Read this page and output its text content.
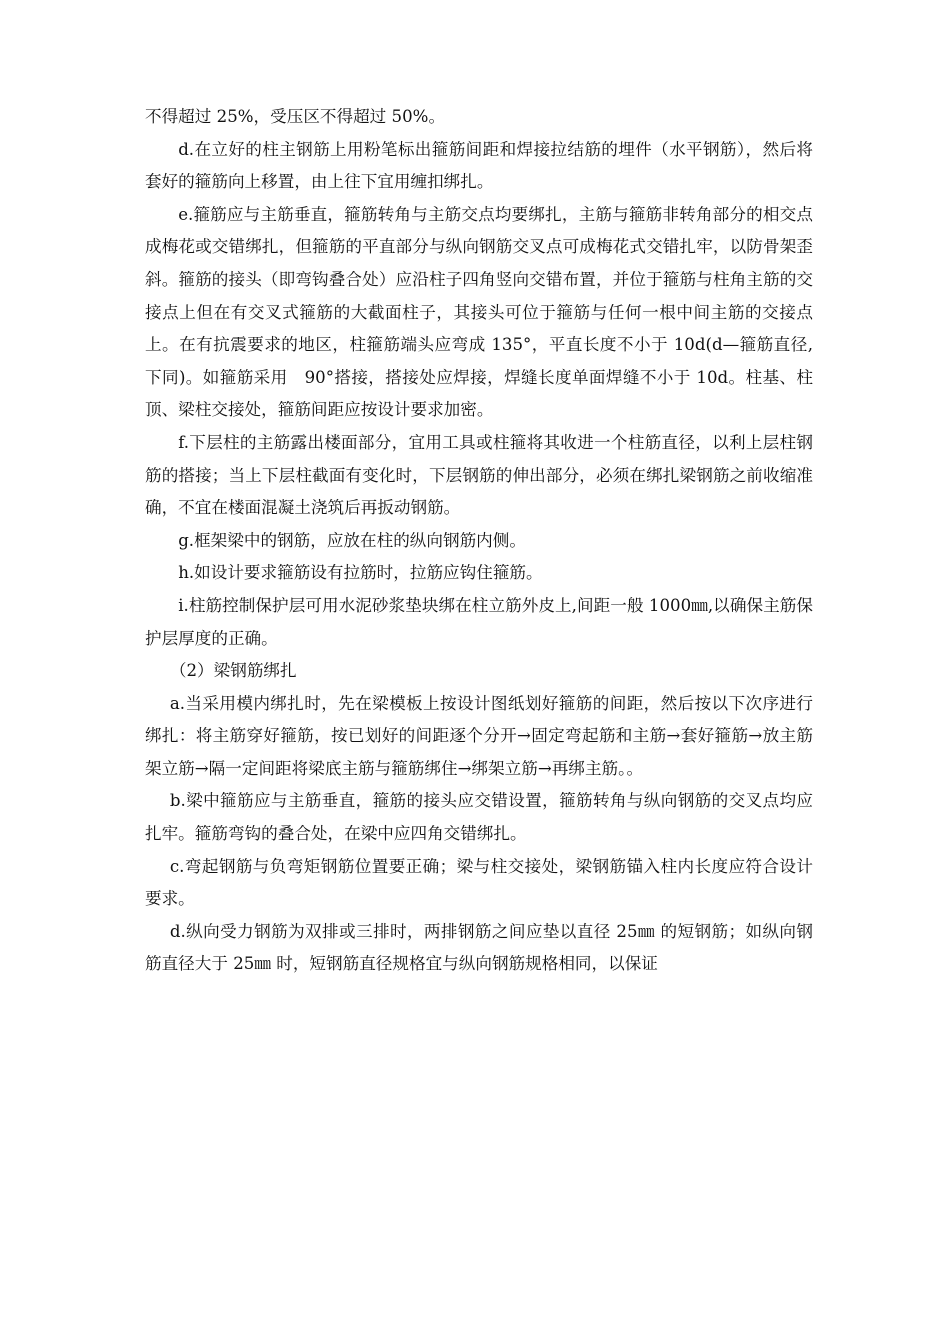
不得超过 25%，受压区不得超过 50%。

d.在立好的柱主钢筋上用粉笔标出箍筋间距和焊接拉结筋的埋件（水平钢筋），然后将套好的箍筋向上移置，由上往下宜用缠扣绑扎。

e.箍筋应与主筋垂直，箍筋转角与主筋交点均要绑扎，主筋与箍筋非转角部分的相交点成梅花或交错绑扎，但箍筋的平直部分与纵向钢筋交叉点可成梅花式交错扎牢，以防骨架歪斜。箍筋的接头（即弯钩叠合处）应沿柱子四角竖向交错布置，并位于箍筋与柱角主筋的交接点上但在有交叉式箍筋的大截面柱子，其接头可位于箍筋与任何一根中间主筋的交接点上。在有抗震要求的地区，柱箍筋端头应弯成 135°，平直长度不小于 10d(d—箍筋直径,下同)。如箍筋采用　90°搭接，搭接处应焊接，焊缝长度单面焊缝不小于 10d。柱基、柱顶、梁柱交接处，箍筋间距应按设计要求加密。

f.下层柱的主筋露出楼面部分，宜用工具或柱箍将其收进一个柱筋直径，以利上层柱钢筋的搭接；当上下层柱截面有变化时，下层钢筋的伸出部分，必须在绑扎梁钢筋之前收缩准确，不宜在楼面混凝土浇筑后再扳动钢筋。

g.框架梁中的钢筋，应放在柱的纵向钢筋内侧。

h.如设计要求箍筋设有拉筋时，拉筋应钩住箍筋。

i.柱筋控制保护层可用水泥砂浆垫块绑在柱立筋外皮上,间距一般 1000㎜,以确保主筋保护层厚度的正确。

（2）梁钢筋绑扎

a.当采用模内绑扎时，先在梁模板上按设计图纸划好箍筋的间距，然后按以下次序进行绑扎：将主筋穿好箍筋，按已划好的间距逐个分开→固定弯起筋和主筋→套好箍筋→放主筋架立筋→隔一定间距将梁底主筋与箍筋绑住→绑架立筋→再绑主筋。。

b.梁中箍筋应与主筋垂直，箍筋的接头应交错设置，箍筋转角与纵向钢筋的交叉点均应扎牢。箍筋弯钩的叠合处，在梁中应四角交错绑扎。

c.弯起钢筋与负弯矩钢筋位置要正确；梁与柱交接处，梁钢筋锚入柱内长度应符合设计要求。

d.纵向受力钢筋为双排或三排时，两排钢筋之间应垫以直径 25㎜ 的短钢筋；如纵向钢筋直径大于 25㎜ 时，短钢筋直径规格宜与纵向钢筋规格相同，以保证
